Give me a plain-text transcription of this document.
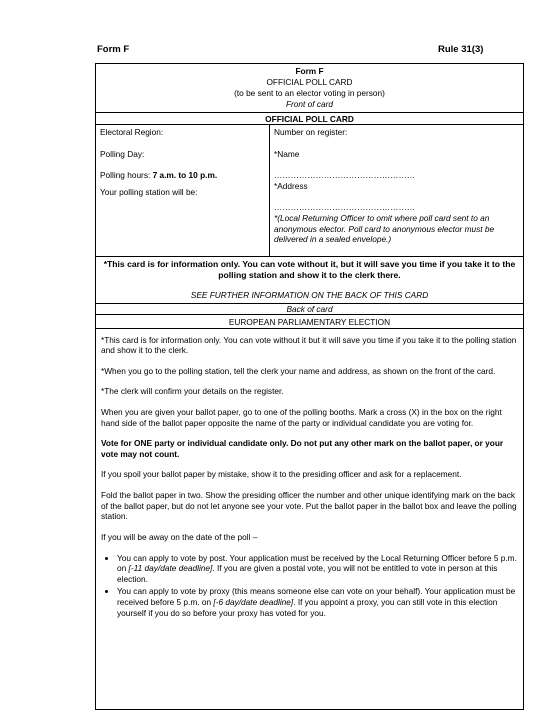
Form F	Rule 31(3)
Form F
OFFICIAL POLL CARD
(to be sent to an elector voting in person)
Front of card
OFFICIAL POLL CARD

Electoral Region:

Polling Day:

Polling hours: 7 a.m. to 10 p.m.

Your polling station will be:

Number on register:

*Name

……………………………………………

*Address

……………………………………………

*(Local Returning Officer to omit where poll card sent to an anonymous elector. Poll card to anonymous elector must be delivered in a sealed envelope.)

*This card is for information only. You can vote without it, but it will save you time if you take it to the polling station and show it to the clerk there.
SEE FURTHER INFORMATION ON THE BACK OF THIS CARD
Back of card
EUROPEAN PARLIAMENTARY ELECTION

*This card is for information only. You can vote without it but it will save you time if you take it to the polling station and show it to the clerk.

*When you go to the polling station, tell the clerk your name and address, as shown on the front of the card.

*The clerk will confirm your details on the register.

When you are given your ballot paper, go to one of the polling booths. Mark a cross (X) in the box on the right hand side of the ballot paper opposite the name of the party or individual candidate you are voting for.

Vote for ONE party or individual candidate only. Do not put any other mark on the ballot paper, or your vote may not count.

If you spoil your ballot paper by mistake, show it to the presiding officer and ask for a replacement.

Fold the ballot paper in two. Show the presiding officer the number and other unique identifying mark on the back of the ballot paper, but do not let anyone see your vote. Put the ballot paper in the ballot box and leave the polling station.

If you will be away on the date of the poll –

• You can apply to vote by post. Your application must be received by the Local Returning Officer before 5 p.m. on [-11 day/date deadline]. If you are given a postal vote, you will not be entitled to vote in person at this election.
• You can apply to vote by proxy (this means someone else can vote on your behalf). Your application must be received before 5 p.m. on [-6 day/date deadline]. If you appoint a proxy, you can still vote in this election yourself if you do so before your proxy has voted for you.
